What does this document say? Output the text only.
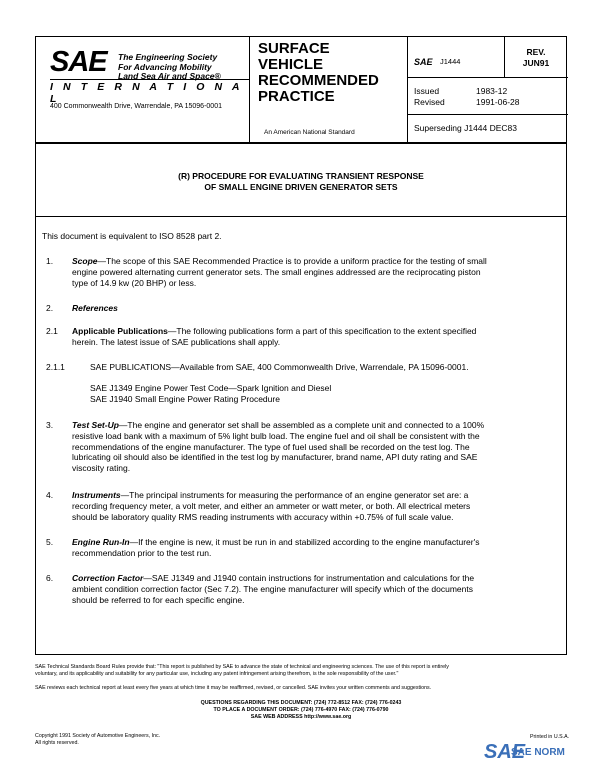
SAE The Engineering Society
For Advancing Mobility
Land Sea Air and Space®
I N T E R N A T I O N A L
400 Commonwealth Drive, Warrendale, PA 15096-0001
SURFACE
VEHICLE
RECOMMENDED
PRACTICE
An American National Standard
SAE J1444
REV.
JUN91
Issued	1983-12
Revised	1991-06-28
Superseding J1444 DEC83
(R) PROCEDURE FOR EVALUATING TRANSIENT RESPONSE
OF SMALL ENGINE DRIVEN GENERATOR SETS
This document is equivalent to ISO 8528 part 2.
1. Scope—The scope of this SAE Recommended Practice is to provide a uniform practice for the testing of small
engine powered alternating current generator sets. The small engines addressed are the reciprocating piston
type of 14.9 kw (20 BHP) or less.
2. References
2.1 Applicable Publications—The following publications form a part of this specification to the extent specified
herein. The latest issue of SAE publications shall apply.
2.1.1	SAE PUBLICATIONS—Available from SAE, 400 Commonwealth Drive, Warrendale, PA 15096-0001.
SAE J1349 Engine Power Test Code—Spark Ignition and Diesel
SAE J1940 Small Engine Power Rating Procedure
3. Test Set-Up—The engine and generator set shall be assembled as a complete unit and connected to a 100%
resistive load bank with a maximum of 5% light bulb load. The engine fuel and oil shall be consistent with the
recommendations of the engine manufacturer. The type of fuel used shall be recorded on the test log. The
lubricating oil should also be identified in the test log by manufacturer, brand name, API duty rating and SAE
viscosity rating.
4. Instruments—The principal instruments for measuring the performance of an engine generator set are: a
recording frequency meter, a volt meter, and either an ammeter or watt meter, or both. All electrical meters
should be laboratory quality RMS reading instruments with accuracy within +0.75% of full scale value.
5. Engine Run-In—If the engine is new, it must be run in and stabilized according to the engine manufacturer's
recommendation prior to the test run.
6. Correction Factor—SAE J1349 and J1940 contain instructions for instrumentation and calculations for the
ambient condition correction factor (Sec 7.2). The engine manufacturer will specify which of the documents
should be referred to for each specific engine.
SAE Technical Standards Board Rules provide that: "This report is published by SAE to advance the state of technical and engineering sciences. The use of this report is entirely
voluntary, and its applicability and suitability for any particular use, including any patent infringement arising therefrom, is the sole responsibility of the user."
SAE reviews each technical report at least every five years at which time it may be reaffirmed, revised, or cancelled. SAE invites your written comments and suggestions.
QUESTIONS REGARDING THIS DOCUMENT: (724) 772-8512 FAX: (724) 776-0243
TO PLACE A DOCUMENT ORDER: (724) 776-4970 FAX: (724) 776-0790
SAE WEB ADDRESS http://www.sae.org
Copyright 1991 Society of Automotive Engineers, Inc.
All rights reserved.
Printed in U.S.A.
SAE
SAE NORM
